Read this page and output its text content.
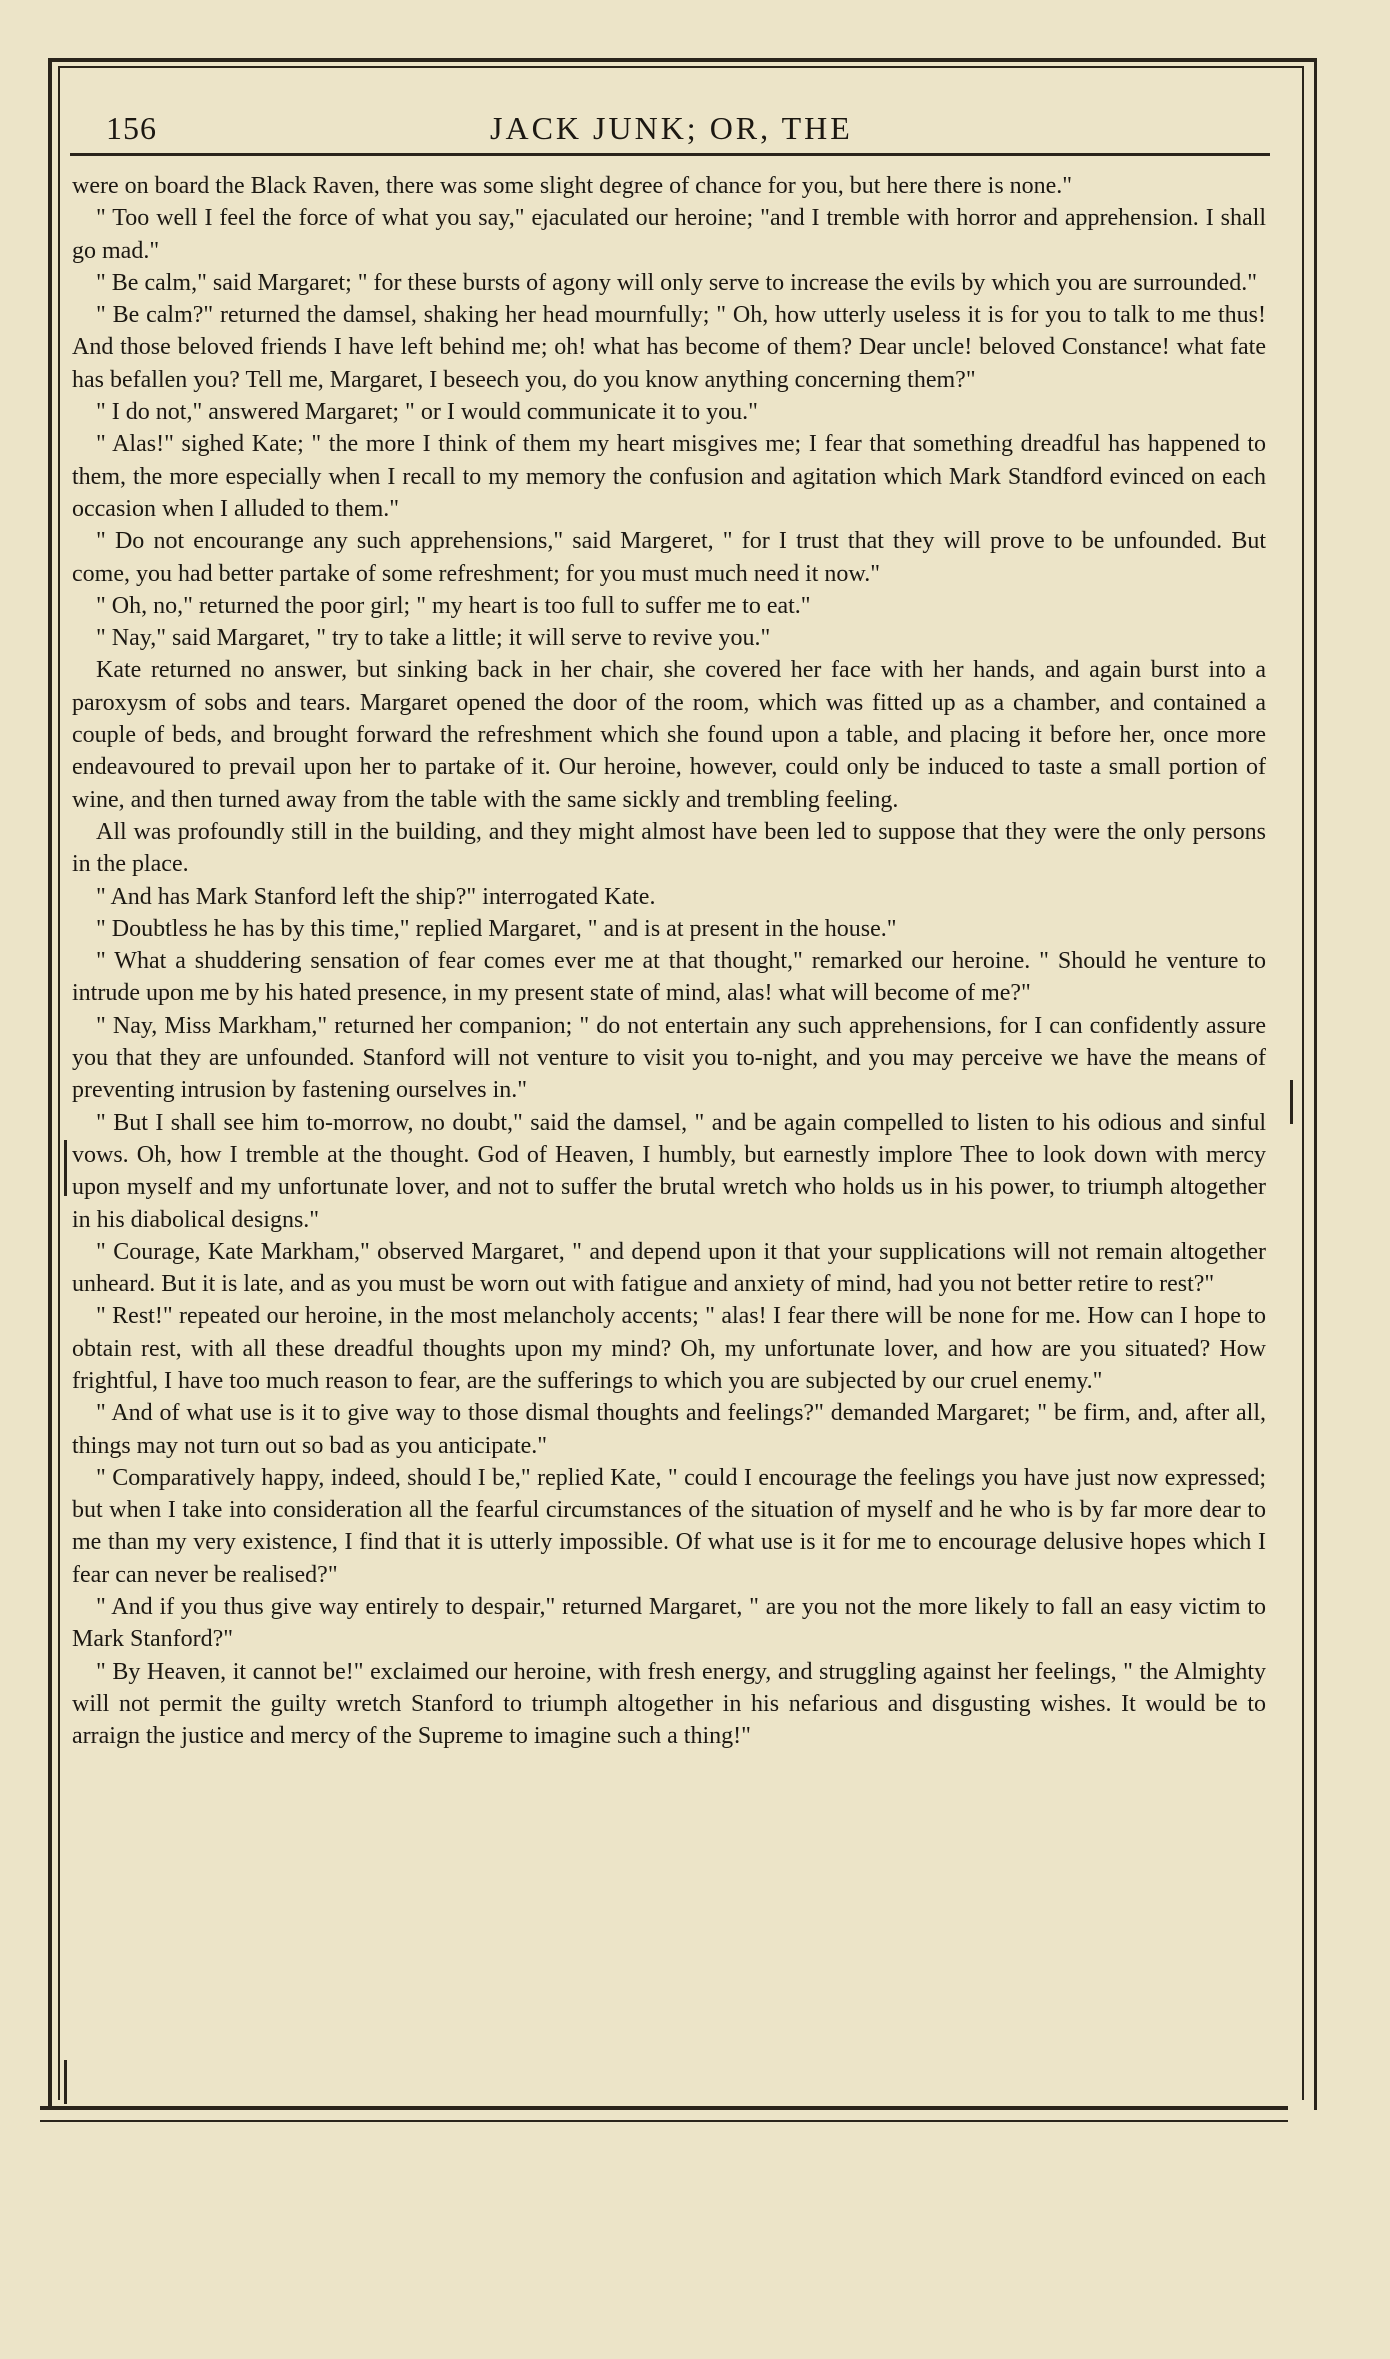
156	JACK JUNK; OR, THE

were on board the Black Raven, there was some slight degree of chance for you, but here there is none."

" Too well I feel the force of what you say," ejaculated our heroine; "and I tremble with horror and apprehension. I shall go mad."

" Be calm," said Margaret; " for these bursts of agony will only serve to increase the evils by which you are surrounded."

" Be calm?" returned the damsel, shaking her head mournfully; " Oh, how utterly useless it is for you to talk to me thus! And those beloved friends I have left behind me; oh! what has become of them? Dear uncle! beloved Constance! what fate has befallen you? Tell me, Margaret, I beseech you, do you know anything concerning them?"

" I do not," answered Margaret; " or I would communicate it to you."

" Alas!" sighed Kate; " the more I think of them my heart misgives me; I fear that something dreadful has happened to them, the more especially when I recall to my memory the confusion and agitation which Mark Standford evinced on each occasion when I alluded to them."

" Do not encourange any such apprehensions," said Margeret, " for I trust that they will prove to be unfounded. But come, you had better partake of some refreshment; for you must much need it now."

" Oh, no," returned the poor girl; " my heart is too full to suffer me to eat."

" Nay," said Margaret, " try to take a little; it will serve to revive you."

Kate returned no answer, but sinking back in her chair, she covered her face with her hands, and again burst into a paroxysm of sobs and tears. Margaret opened the door of the room, which was fitted up as a chamber, and contained a couple of beds, and brought forward the refreshment which she found upon a table, and placing it before her, once more endeavoured to prevail upon her to partake of it. Our heroine, however, could only be induced to taste a small portion of wine, and then turned away from the table with the same sickly and trembling feeling.

All was profoundly still in the building, and they might almost have been led to suppose that they were the only persons in the place.

" And has Mark Stanford left the ship?" interrogated Kate.

" Doubtless he has by this time," replied Margaret, " and is at present in the house."

" What a shuddering sensation of fear comes ever me at that thought," remarked our heroine. " Should he venture to intrude upon me by his hated presence, in my present state of mind, alas! what will become of me?"

" Nay, Miss Markham," returned her companion; " do not entertain any such apprehensions, for I can confidently assure you that they are unfounded. Stanford will not venture to visit you to-night, and you may perceive we have the means of preventing intrusion by fastening ourselves in."

" But I shall see him to-morrow, no doubt," said the damsel, " and be again compelled to listen to his odious and sinful vows. Oh, how I tremble at the thought. God of Heaven, I humbly, but earnestly implore Thee to look down with mercy upon myself and my unfortunate lover, and not to suffer the brutal wretch who holds us in his power, to triumph altogether in his diabolical designs."

" Courage, Kate Markham," observed Margaret, " and depend upon it that your supplications will not remain altogether unheard. But it is late, and as you must be worn out with fatigue and anxiety of mind, had you not better retire to rest?"

" Rest!" repeated our heroine, in the most melancholy accents; " alas! I fear there will be none for me. How can I hope to obtain rest, with all these dreadful thoughts upon my mind? Oh, my unfortunate lover, and how are you situated? How frightful, I have too much reason to fear, are the sufferings to which you are subjected by our cruel enemy."

" And of what use is it to give way to those dismal thoughts and feelings?" demanded Margaret; " be firm, and, after all, things may not turn out so bad as you anticipate."

" Comparatively happy, indeed, should I be," replied Kate, " could I encourage the feelings you have just now expressed; but when I take into consideration all the fearful circumstances of the situation of myself and he who is by far more dear to me than my very existence, I find that it is utterly impossible. Of what use is it for me to encourage delusive hopes which I fear can never be realised?"

" And if you thus give way entirely to despair," returned Margaret, " are you not the more likely to fall an easy victim to Mark Stanford?"

" By Heaven, it cannot be!" exclaimed our heroine, with fresh energy, and struggling against her feelings, " the Almighty will not permit the guilty wretch Stanford to triumph altogether in his nefarious and disgusting wishes. It would be to arraign the justice and mercy of the Supreme to imagine such a thing!"
